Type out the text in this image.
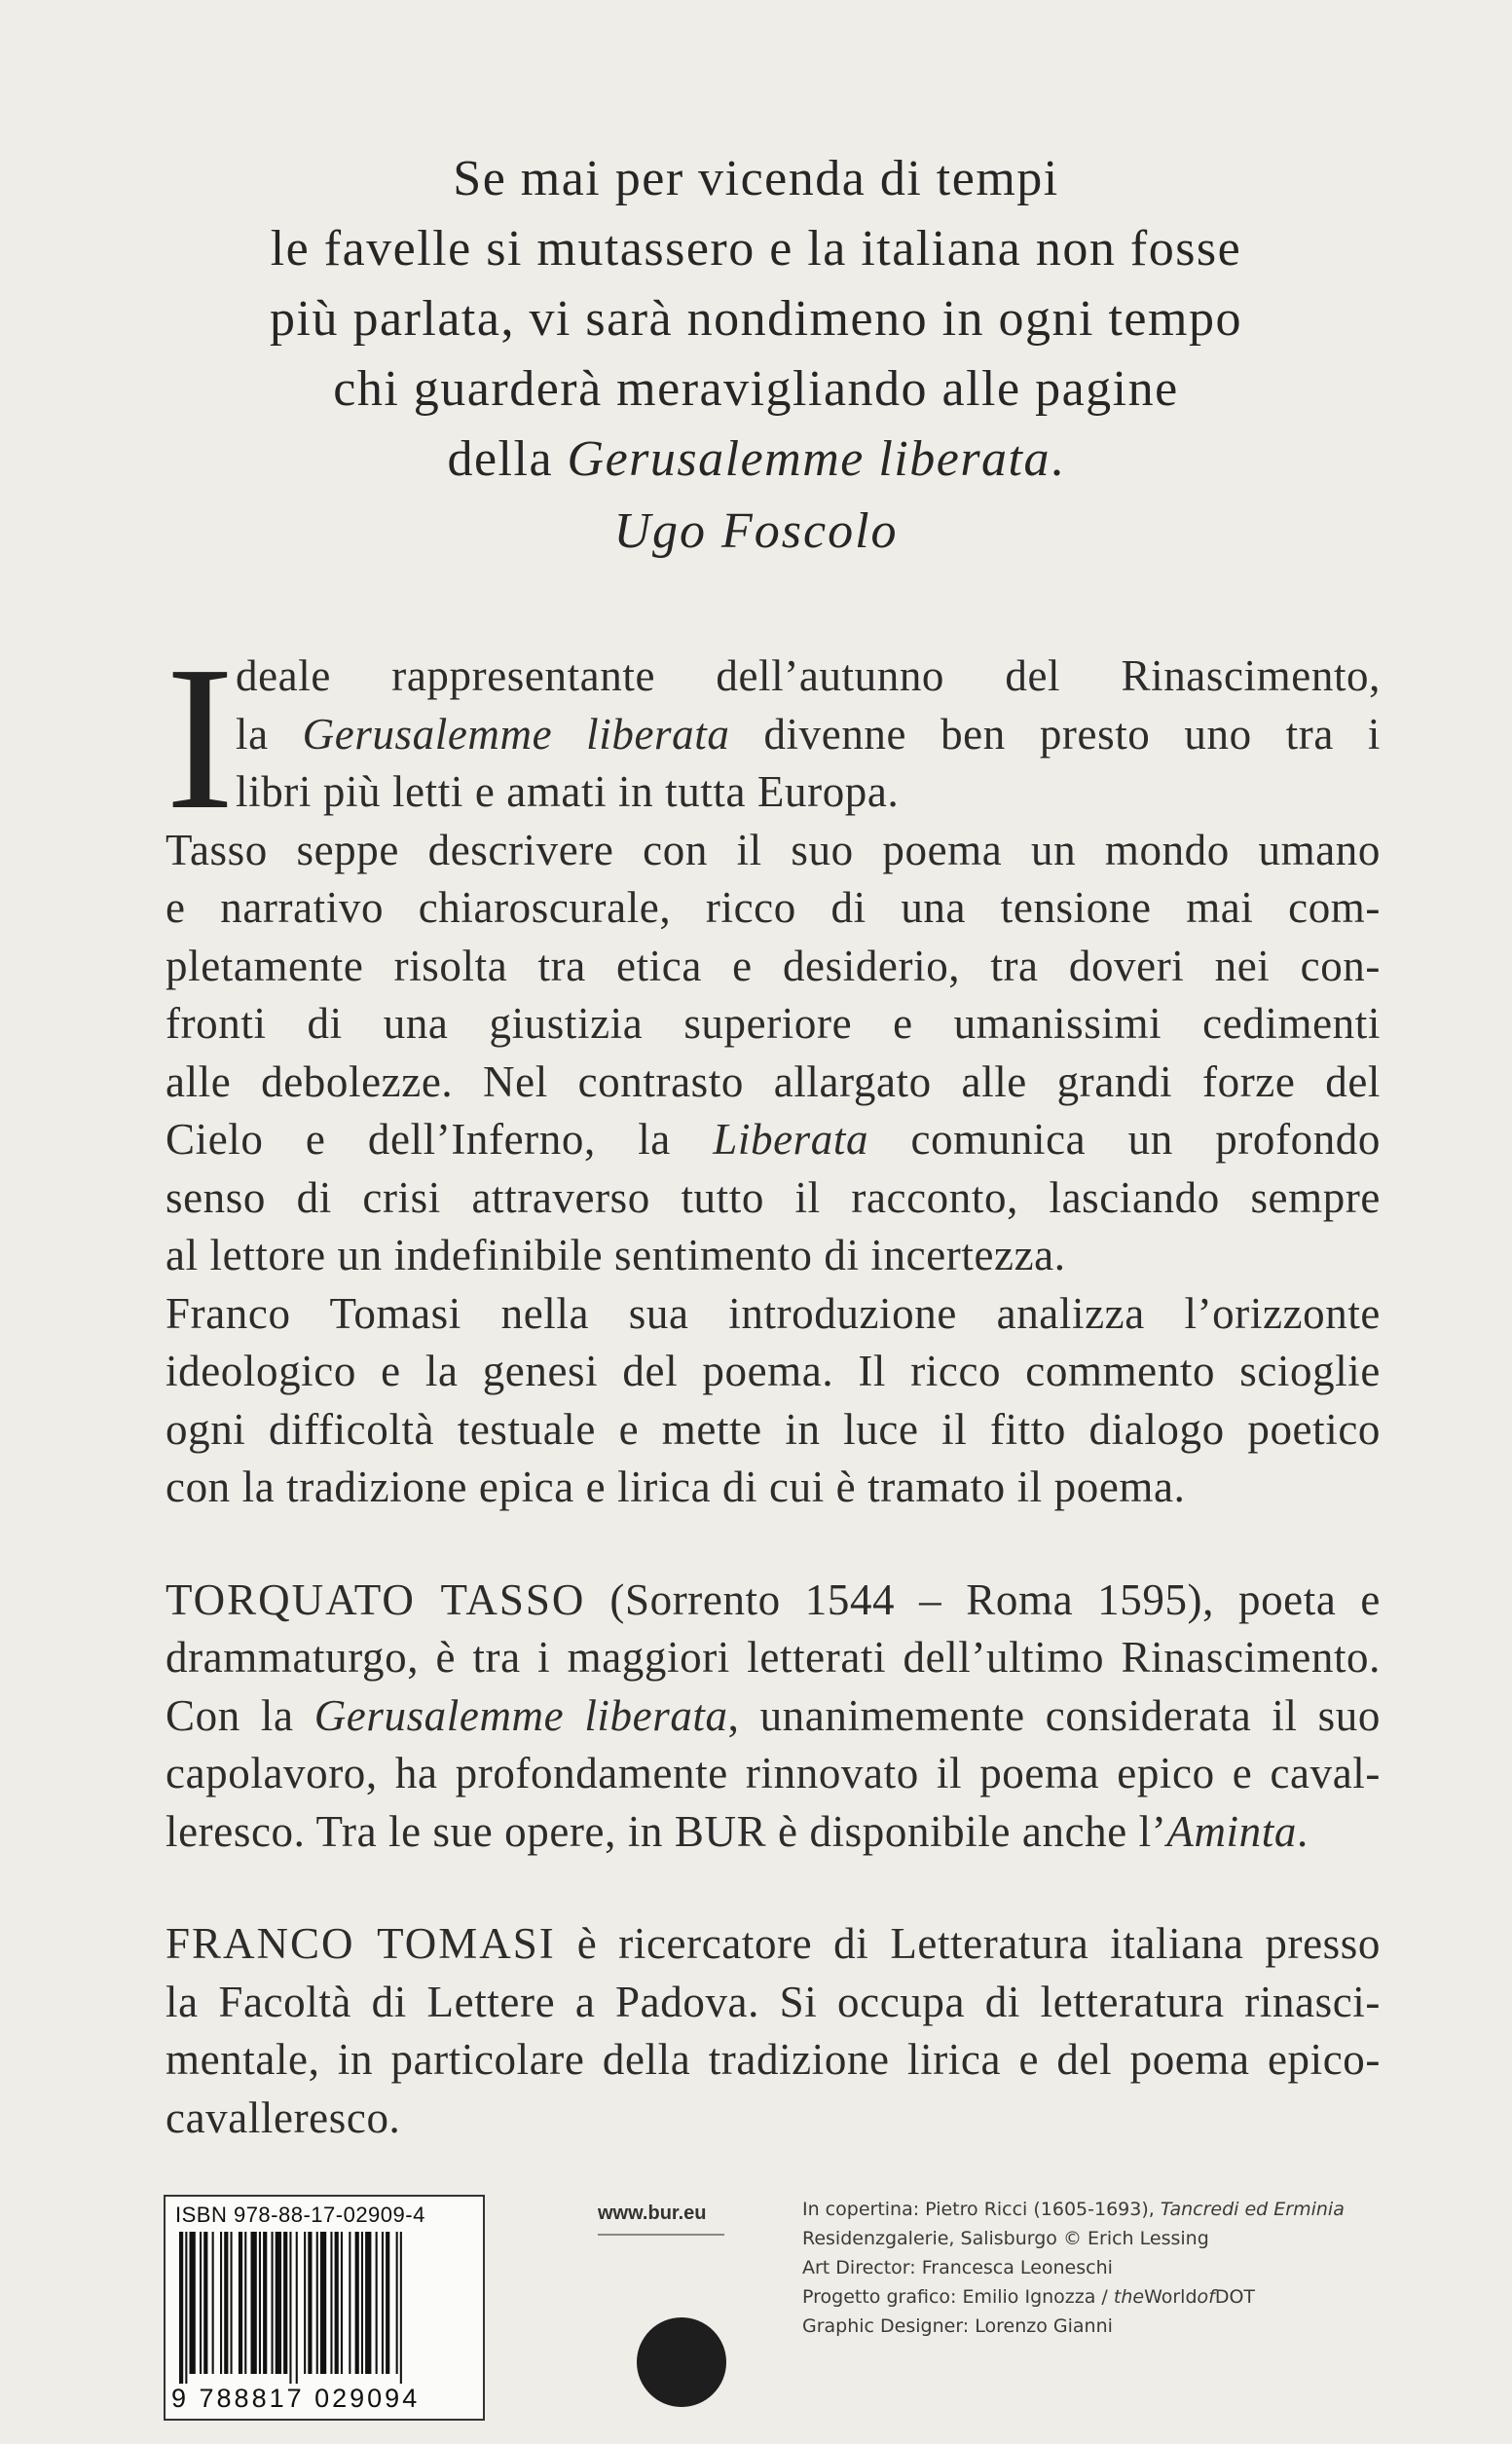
Se mai per vicenda di tempi
le favelle si mutassero e la italiana non fosse
più parlata, vi sarà nondimeno in ogni tempo
chi guarderà meravigliando alle pagine
della Gerusalemme liberata.
Ugo Foscolo
I deale rappresentante dell’autunno del Rinascimento,
la Gerusalemme liberata divenne ben presto uno tra i
libri più letti e amati in tutta Europa.
Tasso seppe descrivere con il suo poema un mondo umano
e narrativo chiaroscurale, ricco di una tensione mai com-
pletamente risolta tra etica e desiderio, tra doveri nei con-
fronti di una giustizia superiore e umanissimi cedimenti
alle debolezze. Nel contrasto allargato alle grandi forze del
Cielo e dell’Inferno, la Liberata comunica un profondo
senso di crisi attraverso tutto il racconto, lasciando sempre
al lettore un indefinibile sentimento di incertezza.
Franco Tomasi nella sua introduzione analizza l’orizzonte
ideologico e la genesi del poema. Il ricco commento scioglie
ogni difficoltà testuale e mette in luce il fitto dialogo poetico
con la tradizione epica e lirica di cui è tramato il poema.
TORQUATO TASSO (Sorrento 1544 – Roma 1595), poeta e
drammaturgo, è tra i maggiori letterati dell’ultimo Rinascimento.
Con la Gerusalemme liberata, unanimemente considerata il suo
capolavoro, ha profondamente rinnovato il poema epico e caval-
leresco. Tra le sue opere, in BUR è disponibile anche l’Aminta.
FRANCO TOMASI è ricercatore di Letteratura italiana presso
la Facoltà di Lettere a Padova. Si occupa di letteratura rinasci-
mentale, in particolare della tradizione lirica e del poema epico-
cavalleresco.
ISBN 978-88-17-02909-4
9 788817 029094
www.bur.eu	In copertina: Pietro Ricci (1605-1693), Tancredi ed Erminia
Residenzgalerie, Salisburgo © Erich Lessing
Art Director: Francesca Leoneschi
Progetto grafico: Emilio Ignozza / theWorldofDOT
Graphic Designer: Lorenzo Gianni
